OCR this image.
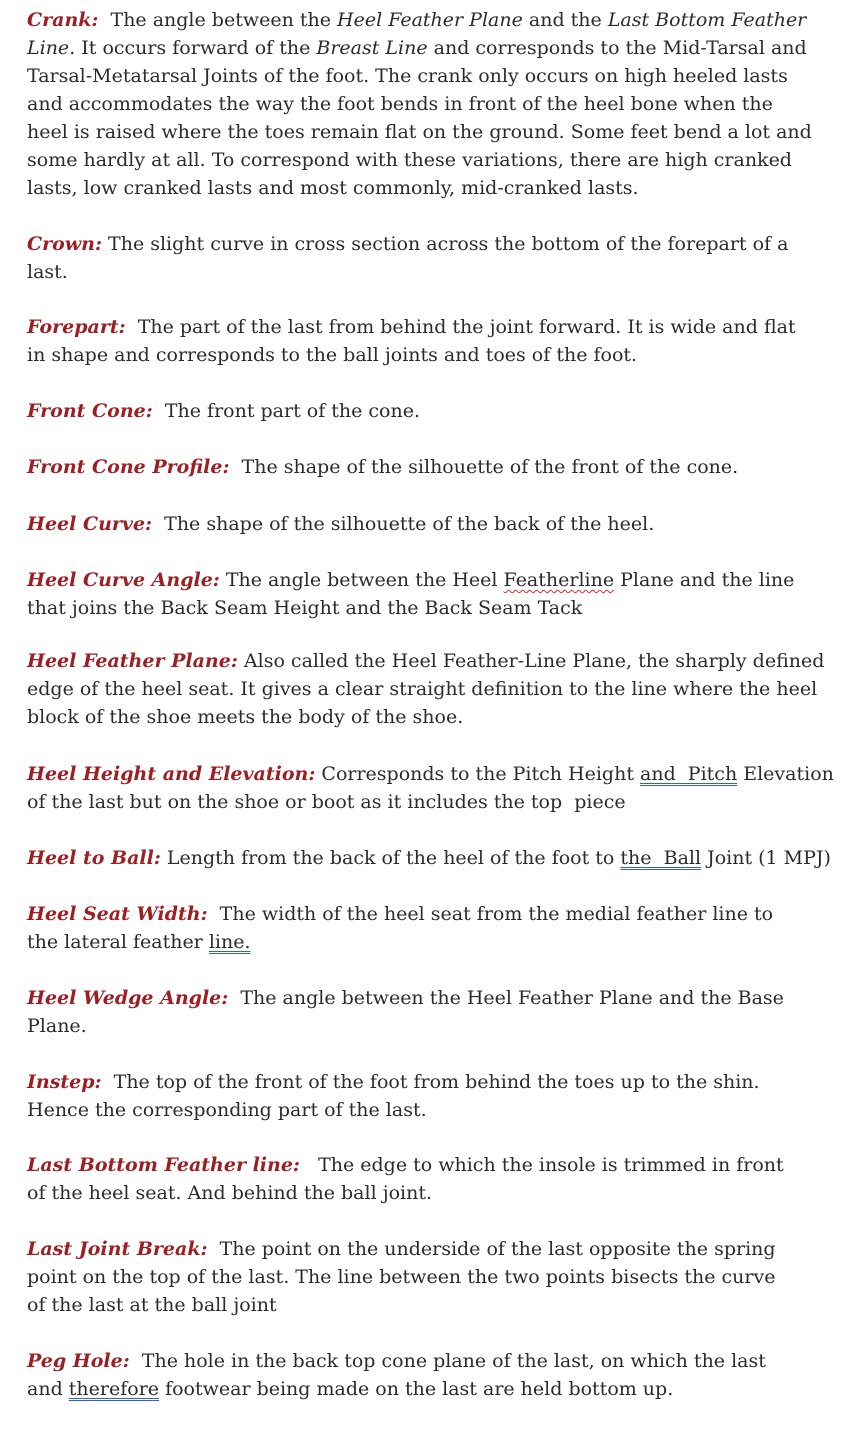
Crank:  The angle between the Heel Feather Plane and the Last Bottom Feather
Line. It occurs forward of the Breast Line and corresponds to the Mid-Tarsal and
Tarsal-Metatarsal Joints of the foot. The crank only occurs on high heeled lasts
and accommodates the way the foot bends in front of the heel bone when the
heel is raised where the toes remain flat on the ground. Some feet bend a lot and
some hardly at all. To correspond with these variations, there are high cranked
lasts, low cranked lasts and most commonly, mid-cranked lasts.
Crown: The slight curve in cross section across the bottom of the forepart of a
last.
Forepart:  The part of the last from behind the joint forward. It is wide and flat
in shape and corresponds to the ball joints and toes of the foot.
Front Cone:  The front part of the cone.
Front Cone Profile:  The shape of the silhouette of the front of the cone.
Heel Curve:  The shape of the silhouette of the back of the heel.
Heel Curve Angle: The angle between the Heel Featherline Plane and the line
that joins the Back Seam Height and the Back Seam Tack
Heel Feather Plane: Also called the Heel Feather-Line Plane, the sharply defined
edge of the heel seat. It gives a clear straight definition to the line where the heel
block of the shoe meets the body of the shoe.
Heel Height and Elevation: Corresponds to the Pitch Height and  Pitch Elevation
of the last but on the shoe or boot as it includes the top  piece
Heel to Ball: Length from the back of the heel of the foot to the  Ball Joint (1 MPJ)
Heel Seat Width:  The width of the heel seat from the medial feather line to
the lateral feather line.
Heel Wedge Angle:  The angle between the Heel Feather Plane and the Base
Plane.
Instep:  The top of the front of the foot from behind the toes up to the shin.
Hence the corresponding part of the last.
Last Bottom Feather line:   The edge to which the insole is trimmed in front
of the heel seat. And behind the ball joint.
Last Joint Break:  The point on the underside of the last opposite the spring
point on the top of the last. The line between the two points bisects the curve
of the last at the ball joint
Peg Hole:  The hole in the back top cone plane of the last, on which the last
and therefore footwear being made on the last are held bottom up.
